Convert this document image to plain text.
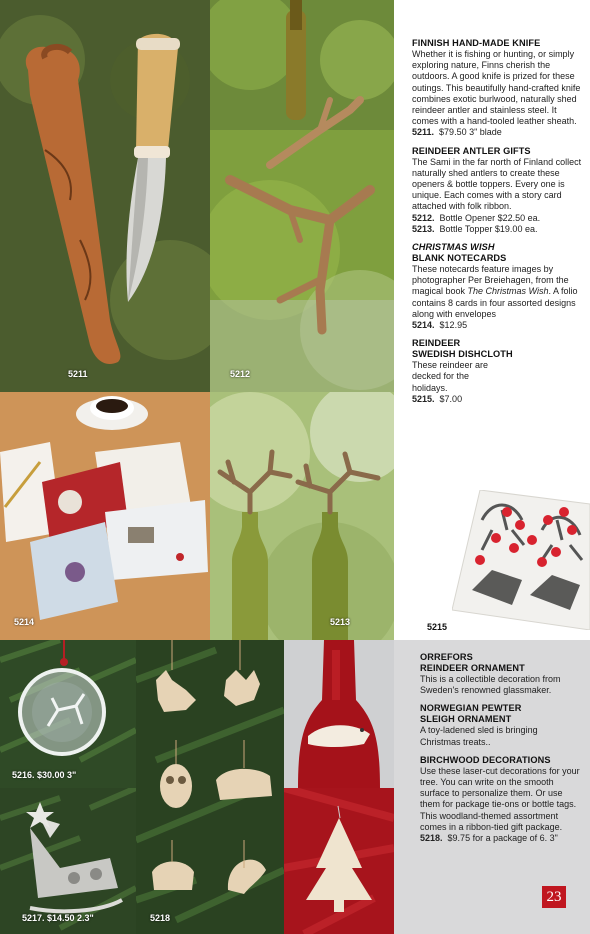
5211	5212
5214	5213	5215
5216. $30.00 3"
5217. $14.50 2.3"	5218
FINNISH HAND-MADE KNIFE
Whether it is fishing or hunting, or simply exploring nature, Finns cherish the outdoors. A good knife is prized for these outings. This beautifully hand-crafted knife combines exotic burlwood, naturally shed reindeer antler and stainless steel. It comes with a hand-tooled leather sheath.
5211. $79.50 3" blade
REINDEER ANTLER GIFTS
The Sami in the far north of Finland collect naturally shed antlers to create these openers & bottle toppers. Every one is unique. Each comes with a story card attached with folk ribbon.
5212. Bottle Opener $22.50 ea.
5213. Bottle Topper $19.00 ea.
CHRISTMAS WISH
BLANK NOTECARDS
These notecards feature images by photographer Per Breiehagen, from the magical book The Christmas Wish. A folio contains 8 cards in four assorted designs along with envelopes
5214. $12.95
REINDEER
SWEDISH DISHCLOTH
These reindeer are decked for the holidays.
5215. $7.00
ORREFORS
REINDEER ORNAMENT
This is a collectible decoration from Sweden's renowned glassmaker.
NORWEGIAN PEWTER
SLEIGH ORNAMENT
A toy-ladened sled is bringing Christmas treats..
BIRCHWOOD DECORATIONS
Use these laser-cut decorations for your tree. You can write on the smooth surface to personalize them. Or use them for package tie-ons or bottle tags. This woodland-themed assortment comes in a ribbon-tied gift package.  5218. $9.75 for a package of 6. 3"
23
